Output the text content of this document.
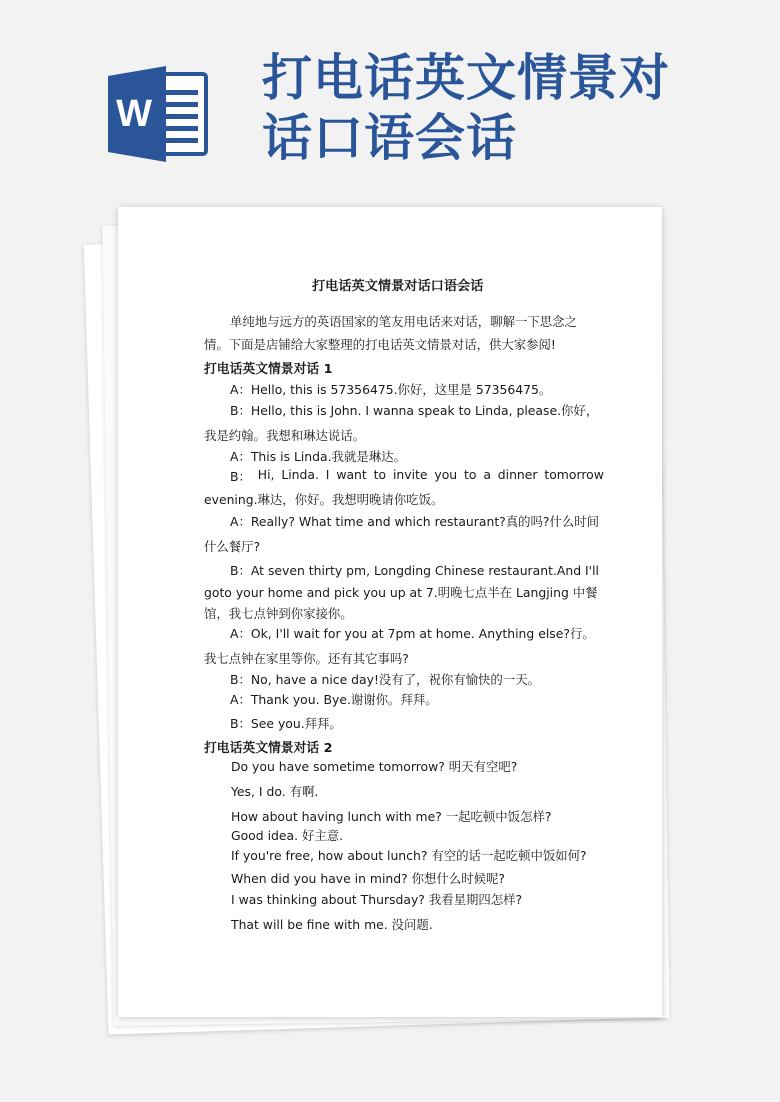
W
打电话英文情景对
话口语会话
打电话英文情景对话口语会话
单纯地与远方的英语国家的笔友用电话来对话，聊解一下思念之
情。下面是店铺给大家整理的打电话英文情景对话，供大家参阅!
打电话英文情景对话 1
A：Hello, this is 57356475.你好，这里是 57356475。
B：Hello, this is John. I wanna speak to Linda, please.你好，
我是约翰。我想和琳达说话。
A：This is Linda.我就是琳达。
B： Hi, Linda. I want to invite you to a dinner tomorrow
evening.琳达，你好。我想明晚请你吃饭。
A：Really? What time and which restaurant?真的吗?什么时间
什么餐厅?
B：At seven thirty pm, Longding Chinese restaurant.And I'll
goto your home and pick you up at 7.明晚七点半在 Langjing 中餐
馆，我七点钟到你家接你。
A：Ok, I'll wait for you at 7pm at home. Anything else?行。
我七点钟在家里等你。还有其它事吗?
B：No, have a nice day!没有了，祝你有愉快的一天。
A：Thank you. Bye.谢谢你。拜拜。
B：See you.拜拜。
打电话英文情景对话 2
Do you have sometime tomorrow? 明天有空吧?
Yes, I do. 有啊.
How about having lunch with me? 一起吃顿中饭怎样?
Good idea. 好主意.
If you're free, how about lunch? 有空的话一起吃顿中饭如何?
When did you have in mind? 你想什么时候呢?
I was thinking about Thursday? 我看星期四怎样?
That will be fine with me. 没问题.
